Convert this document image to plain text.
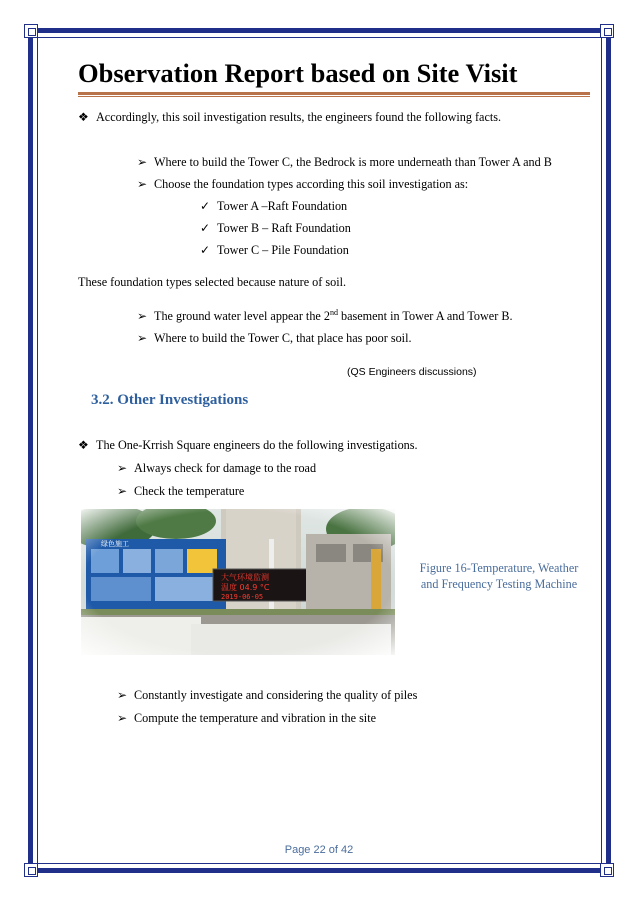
Observation Report based on Site Visit
❖ Accordingly, this soil investigation results, the engineers found the following facts.
➢ Where to build the Tower C, the Bedrock is more underneath than Tower A and B
➢ Choose the foundation types according this soil investigation as:
✓ Tower A –Raft Foundation
✓ Tower B – Raft Foundation
✓ Tower C – Pile Foundation
These foundation types selected because nature of soil.
➢ The ground water level appear the 2nd basement in Tower A and Tower B.
➢ Where to build the Tower C, that place has poor soil.
(QS Engineers discussions)
3.2. Other Investigations
❖ The One-Krrish Square engineers do the following investigations.
➢ Always check for damage to the road
➢ Check the temperature
Figure 16-Temperature, Weather
and Frequency Testing Machine
➢ Constantly investigate and considering the quality of piles
➢ Compute the temperature and vibration in the site
Page 22 of 42
